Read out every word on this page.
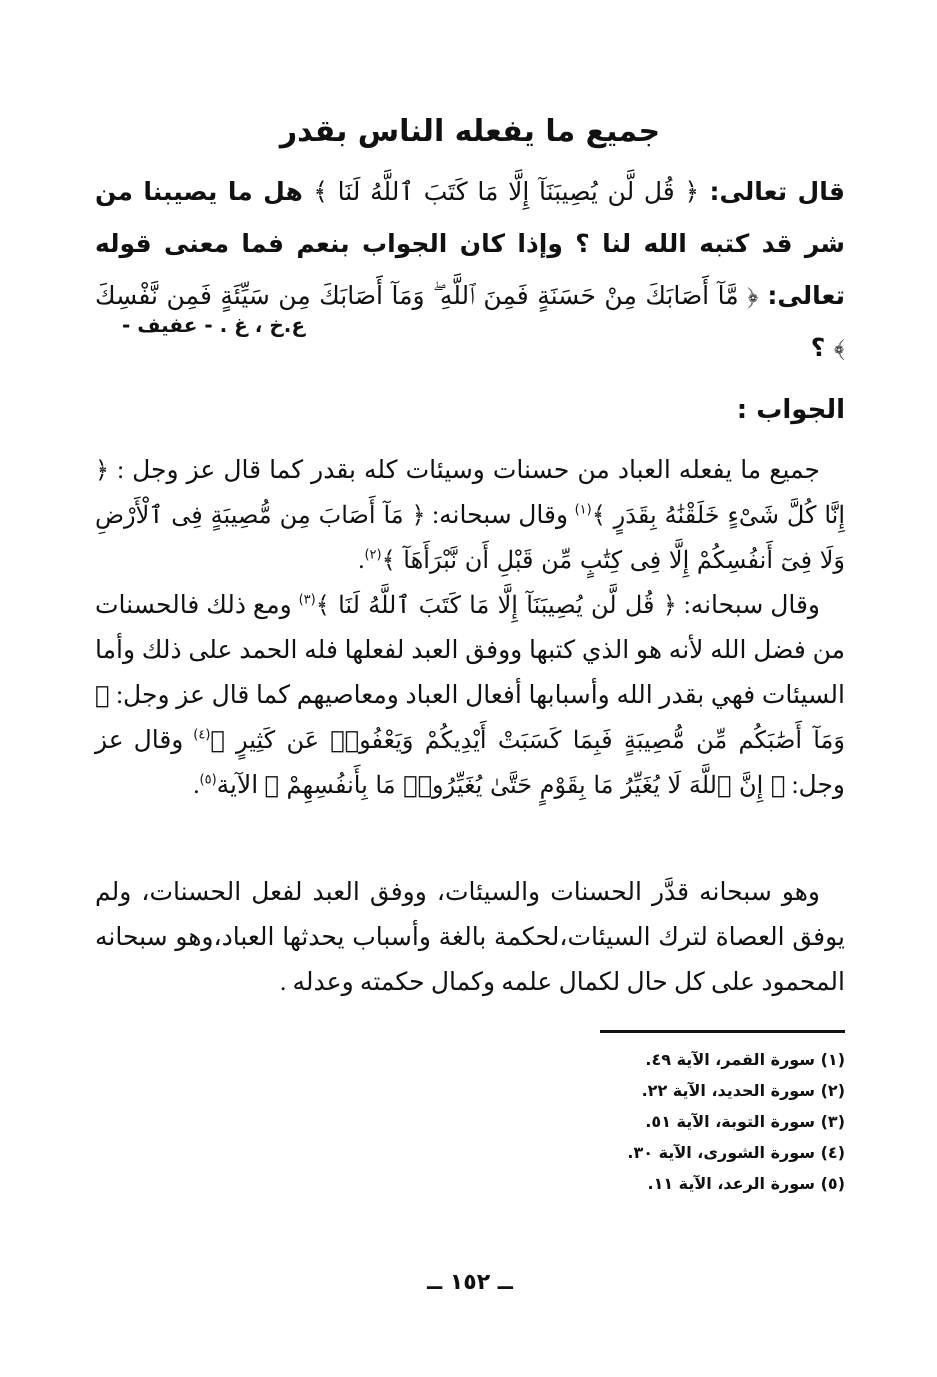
جميع ما يفعله الناس بقدر

قال تعالى: ﴿ قُل لَّن يُصِيبَنَآ إِلَّا مَا كَتَبَ ٱللَّهُ لَنَا ﴾ هل ما يصيبنا من شر قد كتبه الله لنا ؟ وإذا كان الجواب بنعم فما معنى قوله تعالى: ﴿ مَّآ أَصَابَكَ مِنْ حَسَنَةٍ فَمِنَ ٱللَّهِ ۖ وَمَآ أَصَابَكَ مِن سَيِّئَةٍ فَمِن نَّفْسِكَ ﴾ ؟

ع.خ ، غ . - عفيف -
الجواب :

جميع ما يفعله العباد من حسنات وسيئات كله بقدر كما قال عز وجل : ﴿ إِنَّا كُلَّ شَىْءٍ خَلَقْنَٰهُ بِقَدَرٍ ﴾$^{(١)}$ وقال سبحانه: ﴿ مَآ أَصَابَ مِن مُّصِيبَةٍ فِى ٱلْأَرْضِ وَلَا فِىٓ أَنفُسِكُمْ إِلَّا فِى كِتَٰبٍ مِّن قَبْلِ أَن نَّبْرَأَهَآ ﴾$^{(٢)}$.

وقال سبحانه: ﴿ قُل لَّن يُصِيبَنَآ إِلَّا مَا كَتَبَ ٱللَّهُ لَنَا ﴾$^{(٣)}$ ومع ذلك فالحسنات من فضل الله لأنه هو الذي كتبها ووفق العبد لفعلها فله الحمد على ذلك وأما السيئات فهي بقدر الله وأسبابها أفعال العباد ومعاصيهم كما قال عز وجل: ﴿ وَمَآ أَصَٰبَكُم مِّن مُّصِيبَةٍ فَبِمَا كَسَبَتْ أَيْدِيكُمْ وَيَعْفُوا۟ عَن كَثِيرٍ ﴾$^{(٤)}$ وقال عز وجل: ﴿ إِنَّ ٱللَّهَ لَا يُغَيِّرُ مَا بِقَوْمٍ حَتَّىٰ يُغَيِّرُوا۟ مَا بِأَنفُسِهِمْ ﴾ الآية$^{(٥)}$.

وهو سبحانه قدَّر الحسنات والسيئات، ووفق العبد لفعل الحسنات، ولم يوفق العصاة لترك السيئات،لحكمة بالغة وأسباب يحدثها العباد،وهو سبحانه المحمود على كل حال لكمال علمه وكمال حكمته وعدله .

(١) سورة القمر، الآية ٤٩.
(٢) سورة الحديد، الآية ٢٢.
(٣) سورة التوبة، الآية ٥١.
(٤) سورة الشورى، الآية ٣٠.
(٥) سورة الرعد، الآية ١١.
ــ ١٥٢ ــ
